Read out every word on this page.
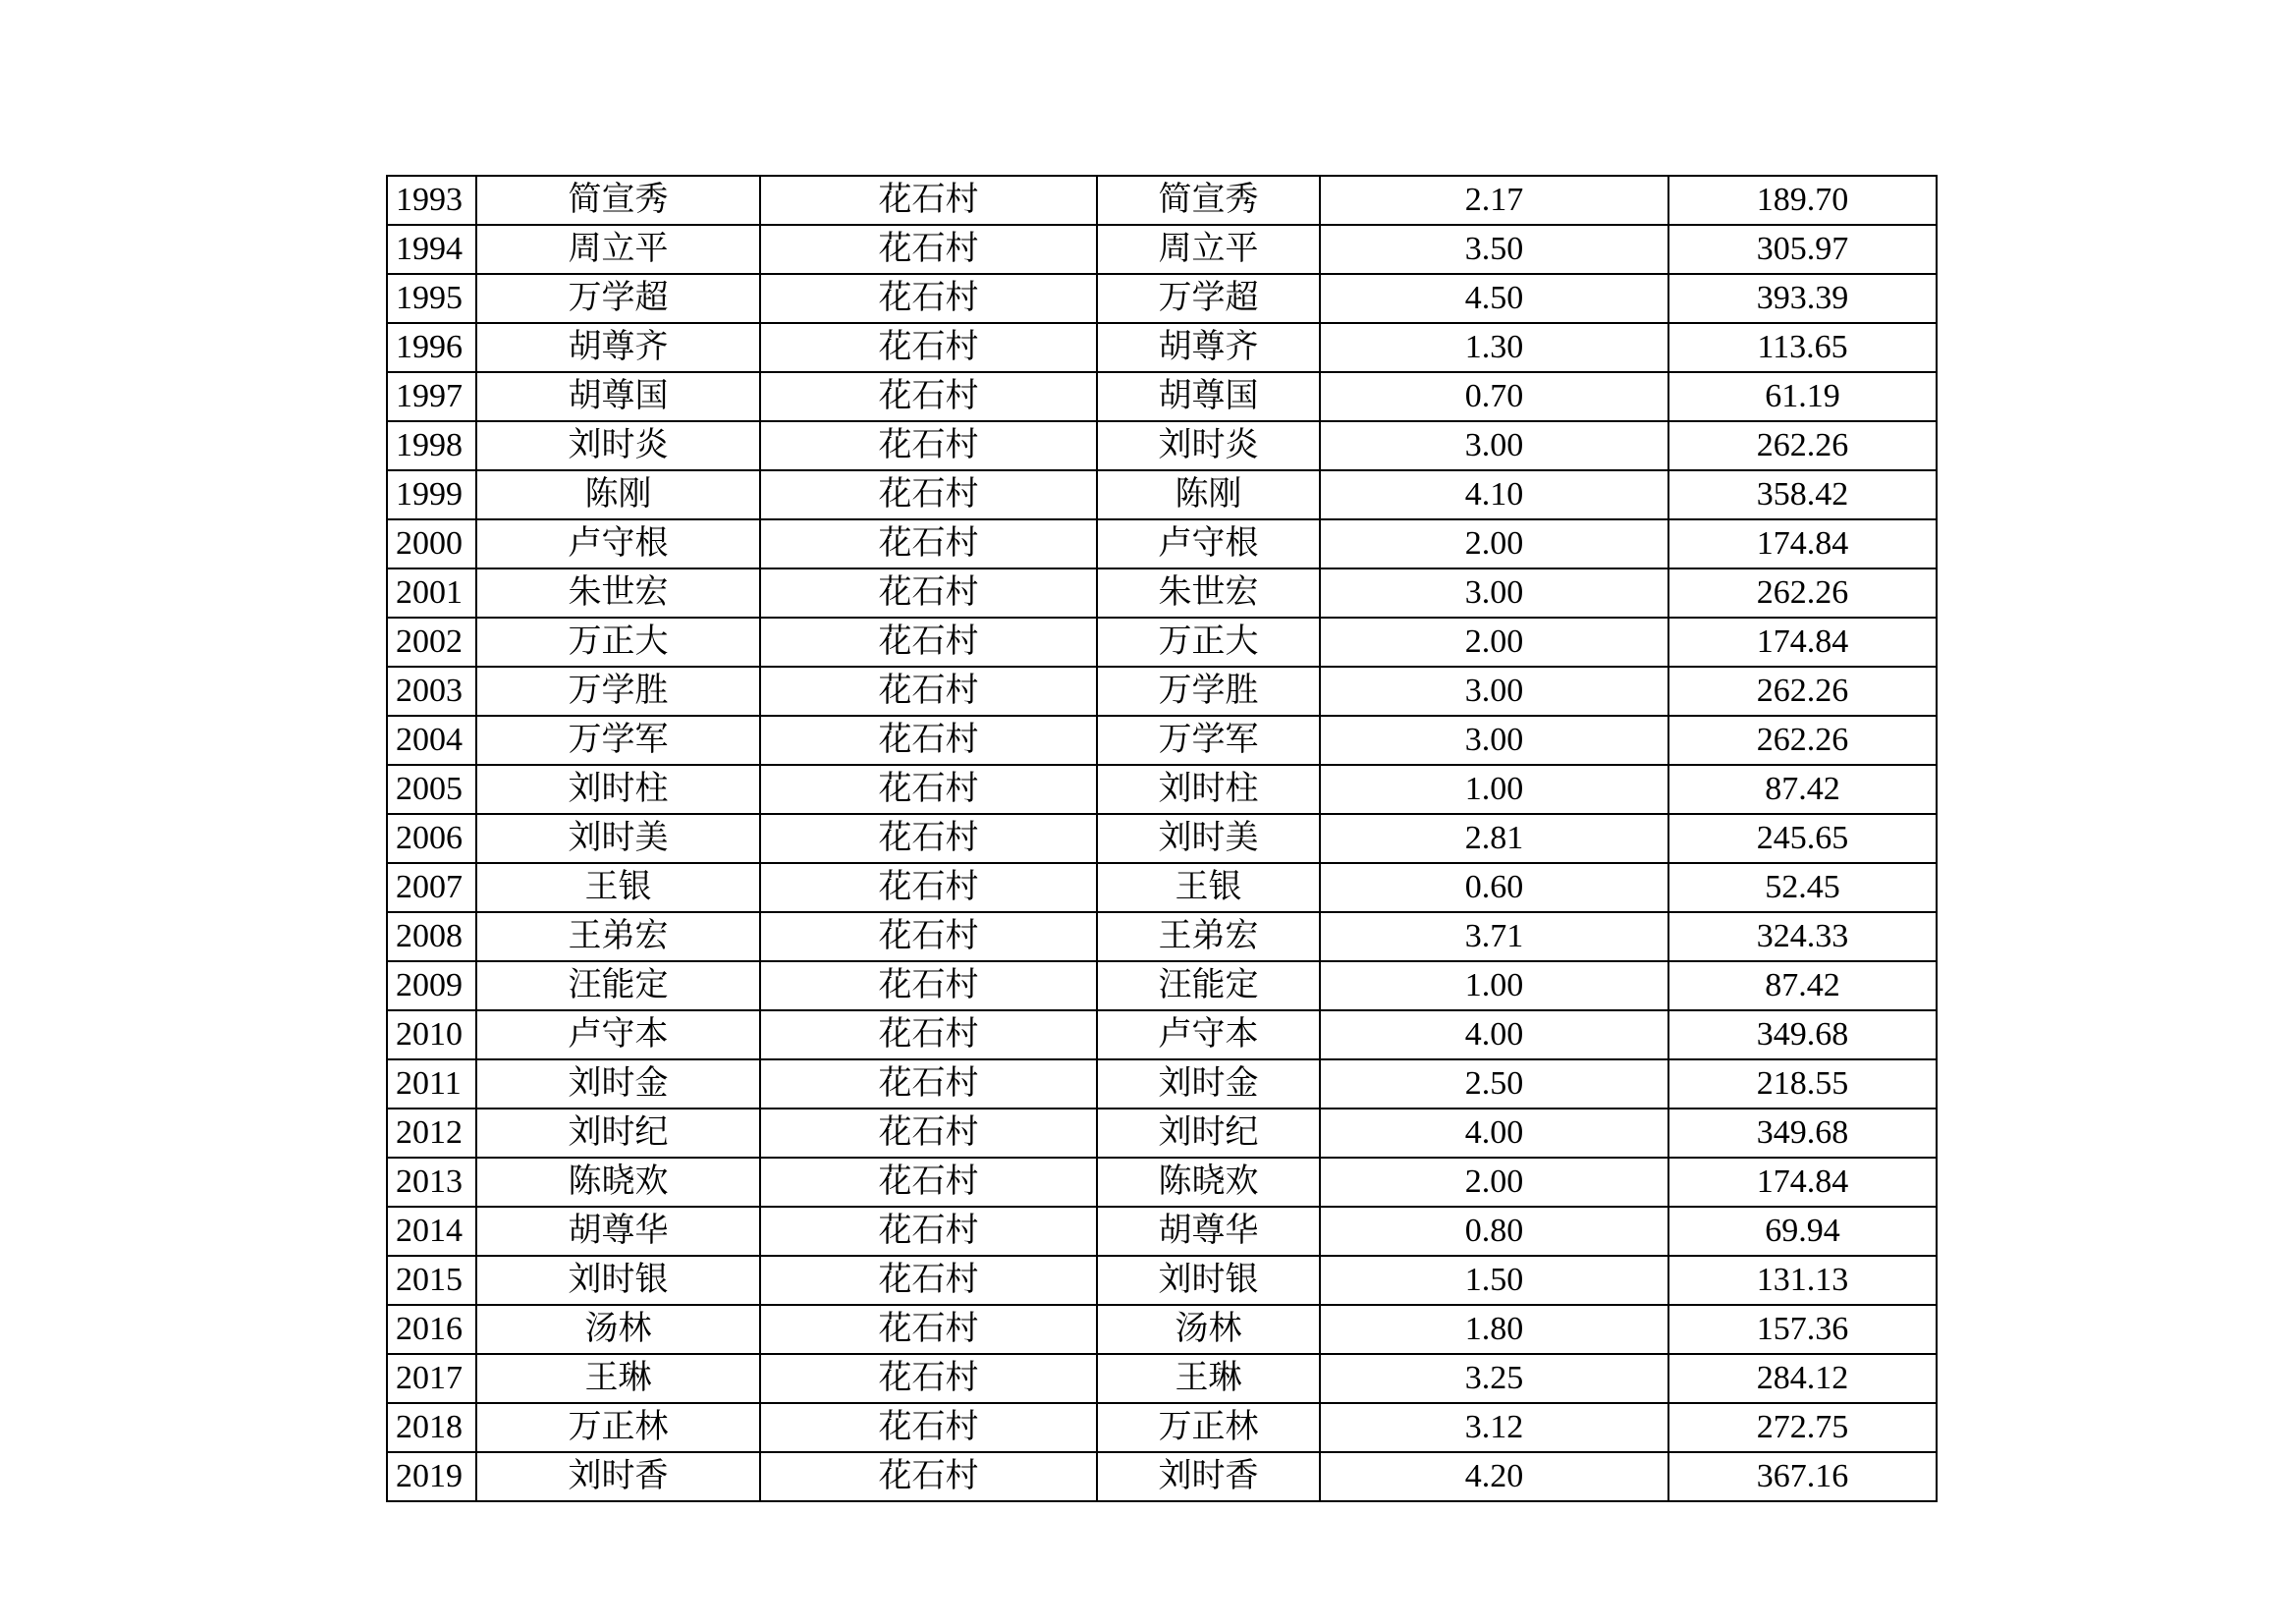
1993	简宣秀	花石村	简宣秀	2.17	189.70
1994	周立平	花石村	周立平	3.50	305.97
1995	万学超	花石村	万学超	4.50	393.39
1996	胡尊齐	花石村	胡尊齐	1.30	113.65
1997	胡尊国	花石村	胡尊国	0.70	61.19
1998	刘时炎	花石村	刘时炎	3.00	262.26
1999	陈刚	花石村	陈刚	4.10	358.42
2000	卢守根	花石村	卢守根	2.00	174.84
2001	朱世宏	花石村	朱世宏	3.00	262.26
2002	万正大	花石村	万正大	2.00	174.84
2003	万学胜	花石村	万学胜	3.00	262.26
2004	万学军	花石村	万学军	3.00	262.26
2005	刘时柱	花石村	刘时柱	1.00	87.42
2006	刘时美	花石村	刘时美	2.81	245.65
2007	王银	花石村	王银	0.60	52.45
2008	王弟宏	花石村	王弟宏	3.71	324.33
2009	汪能定	花石村	汪能定	1.00	87.42
2010	卢守本	花石村	卢守本	4.00	349.68
2011	刘时金	花石村	刘时金	2.50	218.55
2012	刘时纪	花石村	刘时纪	4.00	349.68
2013	陈晓欢	花石村	陈晓欢	2.00	174.84
2014	胡尊华	花石村	胡尊华	0.80	69.94
2015	刘时银	花石村	刘时银	1.50	131.13
2016	汤林	花石村	汤林	1.80	157.36
2017	王琳	花石村	王琳	3.25	284.12
2018	万正林	花石村	万正林	3.12	272.75
2019	刘时香	花石村	刘时香	4.20	367.16
